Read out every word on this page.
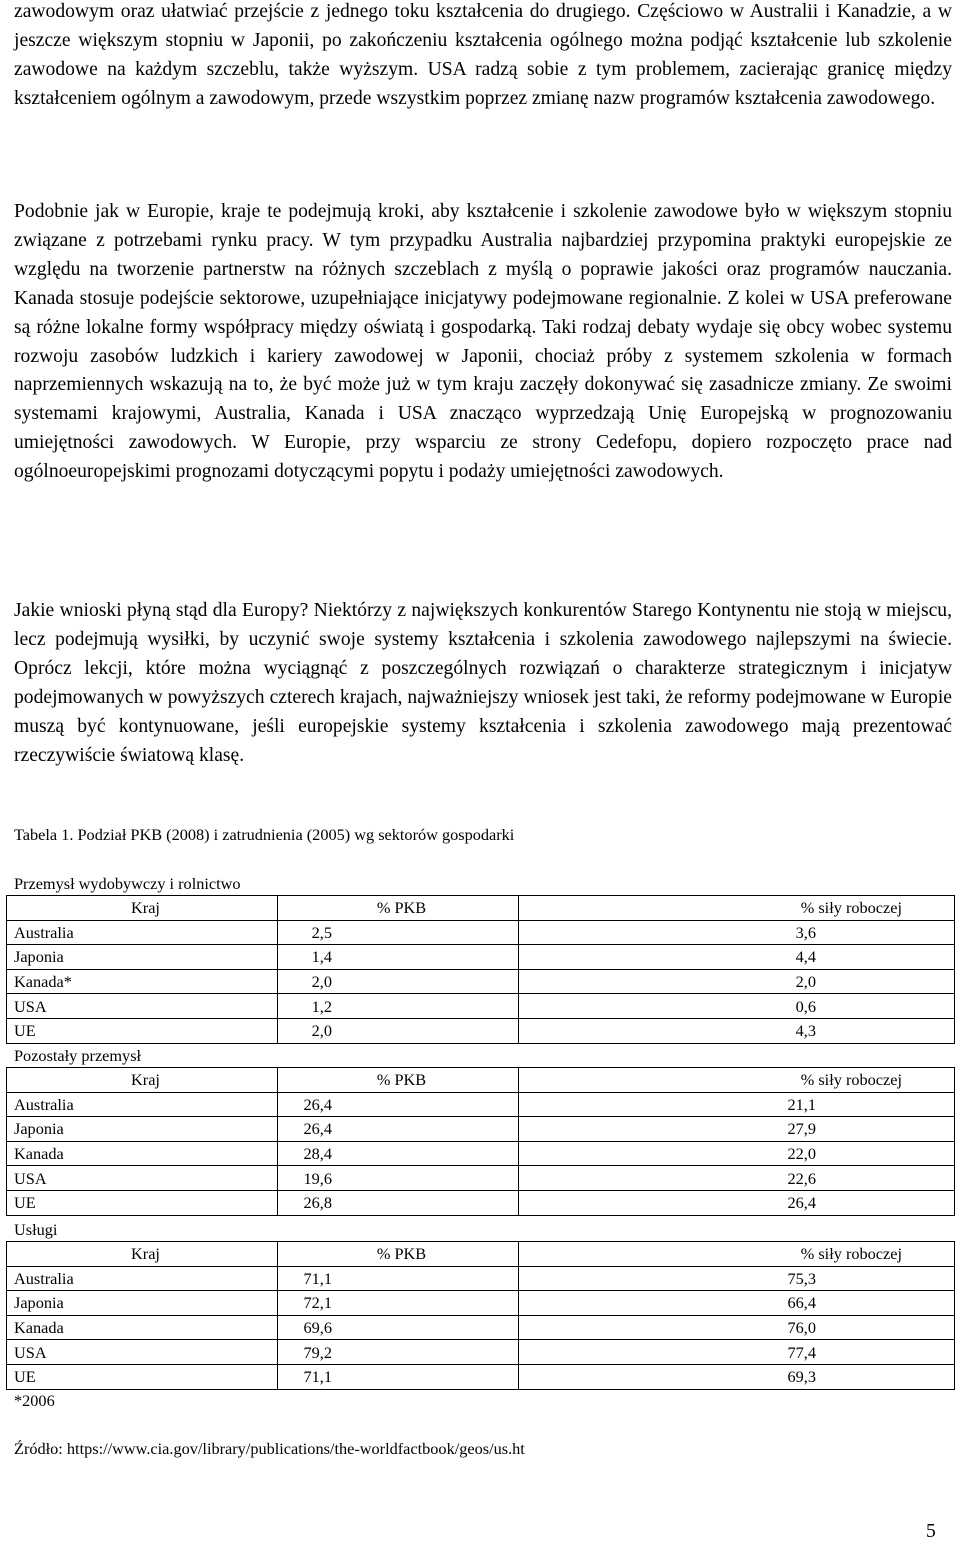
zawodowym oraz ułatwiać przejście z jednego toku kształcenia do drugiego. Częściowo w Australii i Kanadzie, a w jeszcze większym stopniu w Japonii, po zakończeniu kształcenia ogólnego można podjąć kształcenie lub szkolenie zawodowe na każdym szczeblu, także wyższym. USA radzą sobie z tym problemem, zacierając granicę między kształceniem ogólnym a zawodowym, przede wszystkim poprzez zmianę nazw programów kształcenia zawodowego.

Podobnie jak w Europie, kraje te podejmują kroki, aby kształcenie i szkolenie zawodowe było w większym stopniu związane z potrzebami rynku pracy. W tym przypadku Australia najbardziej przypomina praktyki europejskie ze względu na tworzenie partnerstw na różnych szczeblach z myślą o poprawie jakości oraz programów nauczania. Kanada stosuje podejście sektorowe, uzupełniające inicjatywy podejmowane regionalnie. Z kolei w USA preferowane są różne lokalne formy współpracy między oświatą i gospodarką. Taki rodzaj debaty wydaje się obcy wobec systemu rozwoju zasobów ludzkich i kariery zawodowej w Japonii, chociaż próby z systemem szkolenia w formach naprzemiennych wskazują na to, że być może już w tym kraju zaczęły dokonywać się zasadnicze zmiany. Ze swoimi systemami krajowymi, Australia, Kanada i USA znacząco wyprzedzają Unię Europejską w prognozowaniu umiejętności zawodowych. W Europie, przy wsparciu ze strony Cedefopu, dopiero rozpoczęto prace nad ogólnoeuropejskimi prognozami dotyczącymi popytu i podaży umiejętności zawodowych.

Jakie wnioski płyną stąd dla Europy? Niektórzy z największych konkurentów Starego Kontynentu nie stoją w miejscu, lecz podejmują wysiłki, by uczynić swoje systemy kształcenia i szkolenia zawodowego najlepszymi na świecie. Oprócz lekcji, które można wyciągnąć z poszczególnych rozwiązań o charakterze strategicznym i inicjatyw podejmowanych w powyższych czterech krajach, najważniejszy wniosek jest taki, że reformy podejmowane w Europie muszą być kontynuowane, jeśli europejskie systemy kształcenia i szkolenia zawodowego mają prezentować rzeczywiście światową klasę.

Tabela 1. Podział PKB (2008) i zatrudnienia (2005) wg sektorów gospodarki
Przemysł wydobywczy i rolnictwo
Kraj	% PKB	% siły roboczej
Australia	2,5	3,6
Japonia	1,4	4,4
Kanada*	2,0	2,0
USA	1,2	0,6
UE	2,0	4,3
Pozostały przemysł
Kraj	% PKB	% siły roboczej
Australia	26,4	21,1
Japonia	26,4	27,9
Kanada	28,4	22,0
USA	19,6	22,6
UE	26,8	26,4
Usługi
Kraj	% PKB	% siły roboczej
Australia	71,1	75,3
Japonia	72,1	66,4
Kanada	69,6	76,0
USA	79,2	77,4
UE	71,1	69,3
*2006
Źródło: https://www.cia.gov/library/publications/the-worldfactbook/geos/us.ht
5
